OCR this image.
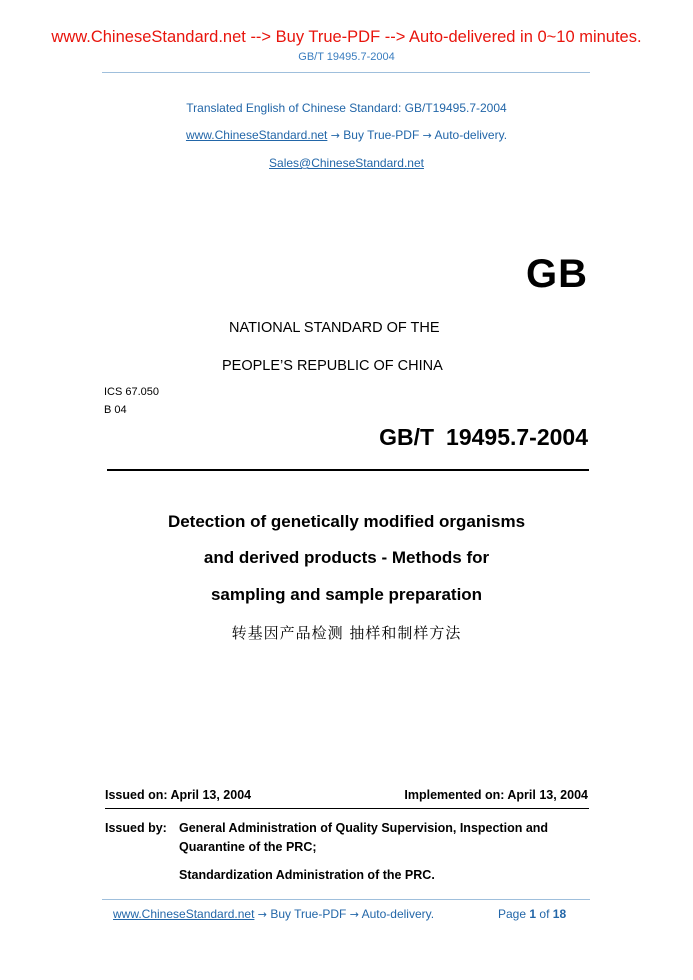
www.ChineseStandard.net --> Buy True-PDF --> Auto-delivered in 0~10 minutes.
GB/T 19495.7-2004
Translated English of Chinese Standard: GB/T19495.7-2004
www.ChineseStandard.net → Buy True-PDF → Auto-delivery.
Sales@ChineseStandard.net
GB
NATIONAL STANDARD OF THE
PEOPLE’S REPUBLIC OF CHINA
ICS 67.050
B 04
GB/T 19495.7-2004
Detection of genetically modified organisms
and derived products - Methods for
sampling and sample preparation
转基因产品检测 抽样和制样方法
Issued on: April 13, 2004	Implemented on: April 13, 2004
Issued by: General Administration of Quality Supervision, Inspection and
Quarantine of the PRC;
Standardization Administration of the PRC.
www.ChineseStandard.net → Buy True-PDF → Auto-delivery.	Page 1 of 18
